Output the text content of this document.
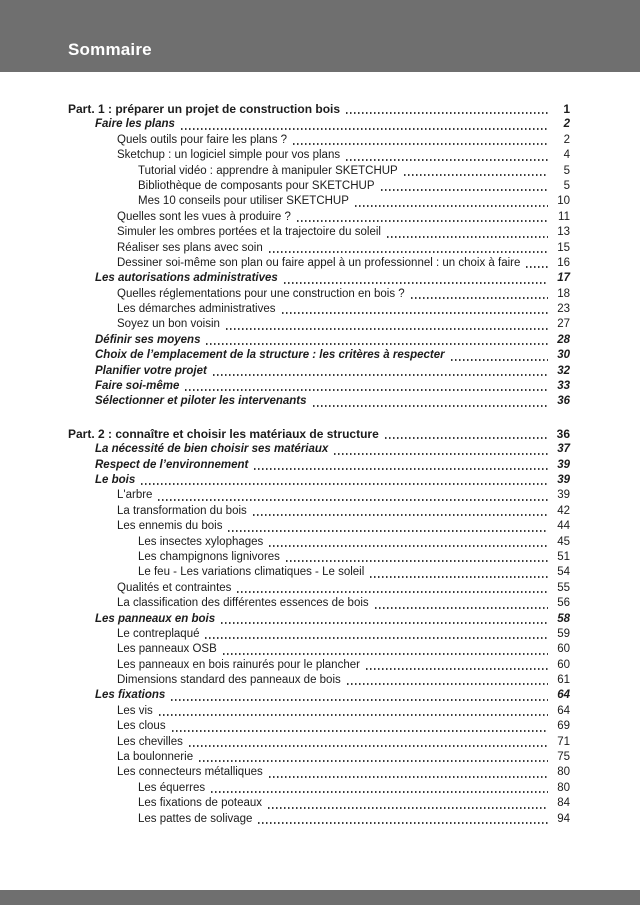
Sommaire
Part. 1 : préparer un projet de construction bois	1
Faire les plans	2
Quels outils pour faire les plans ?	2
Sketchup : un logiciel simple pour vos plans	4
Tutorial vidéo : apprendre à manipuler SKETCHUP	5
Bibliothèque de composants pour SKETCHUP	5
Mes 10 conseils pour utiliser SKETCHUP	10
Quelles sont les vues à produire ?	11
Simuler les ombres portées et la trajectoire du soleil	13
Réaliser ses plans avec soin	15
Dessiner soi-même son plan ou faire appel à un professionnel : un choix à faire	16
Les autorisations administratives	17
Quelles réglementations pour une construction en bois ?	18
Les démarches administratives	23
Soyez un bon voisin	27
Définir ses moyens	28
Choix de l’emplacement de la structure : les critères à respecter	30
Planifier votre projet	32
Faire soi-même	33
Sélectionner et piloter les intervenants	36
Part. 2 : connaître et choisir les matériaux de structure	36
La nécessité de bien choisir ses matériaux	37
Respect de l’environnement	39
Le bois	39
L'arbre	39
La transformation du bois	42
Les ennemis du bois	44
Les insectes xylophages	45
Les champignons lignivores	51
Le feu - Les variations climatiques - Le soleil	54
Qualités et contraintes	55
La classification des différentes essences de bois	56
Les panneaux en bois	58
Le contreplaqué	59
Les panneaux OSB	60
Les panneaux en bois rainurés pour le plancher	60
Dimensions standard des panneaux de bois	61
Les fixations	64
Les vis	64
Les clous	69
Les chevilles	71
La boulonnerie	75
Les connecteurs métalliques	80
Les équerres	80
Les fixations de poteaux	84
Les pattes de solivage	94
